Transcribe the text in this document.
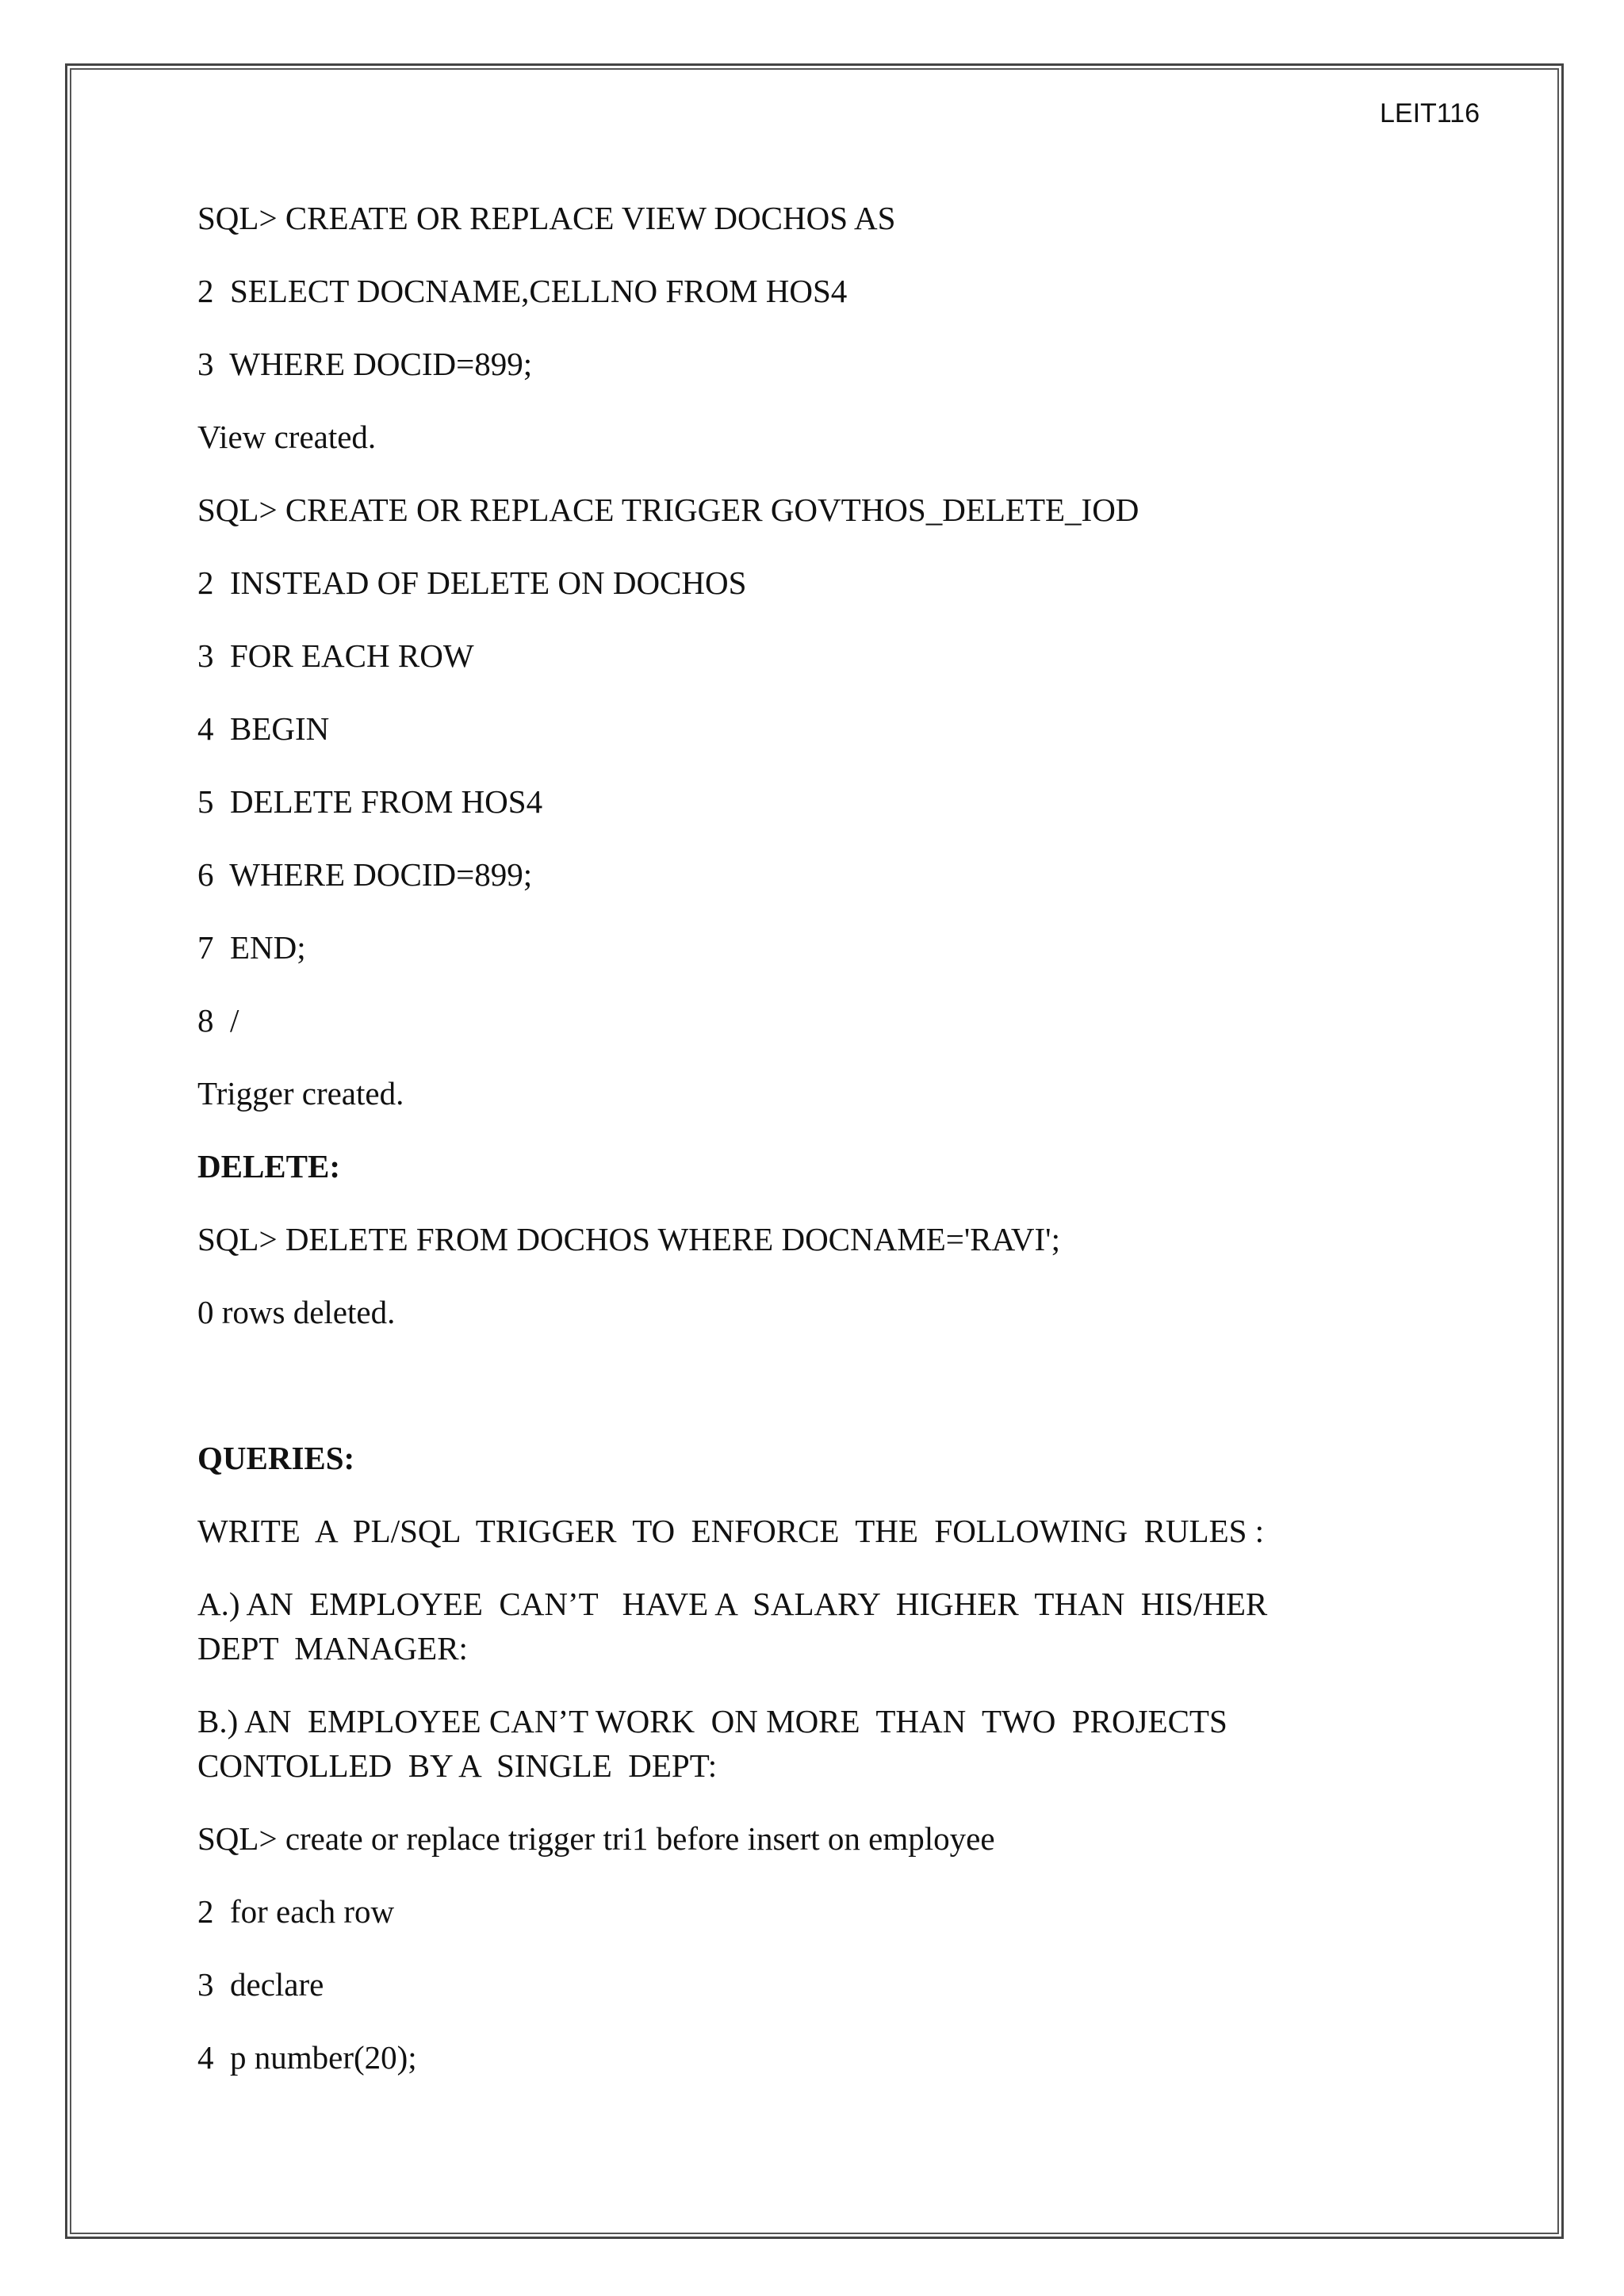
LEIT116
SQL> CREATE OR REPLACE VIEW DOCHOS AS
2  SELECT DOCNAME,CELLNO FROM HOS4
3  WHERE DOCID=899;
View created.
SQL> CREATE OR REPLACE TRIGGER GOVTHOS_DELETE_IOD
2  INSTEAD OF DELETE ON DOCHOS
3  FOR EACH ROW
4  BEGIN
5  DELETE FROM HOS4
6  WHERE DOCID=899;
7  END;
8  /
Trigger created.
DELETE:
SQL> DELETE FROM DOCHOS WHERE DOCNAME='RAVI';
0 rows deleted.
QUERIES:
WRITE  A  PL/SQL  TRIGGER  TO  ENFORCE  THE  FOLLOWING  RULES :
A.) AN  EMPLOYEE  CAN’T   HAVE A  SALARY  HIGHER  THAN  HIS/HER
DEPT  MANAGER:
B.) AN  EMPLOYEE CAN’T WORK  ON MORE  THAN  TWO  PROJECTS
CONTOLLED  BY A  SINGLE  DEPT:
SQL> create or replace trigger tri1 before insert on employee
2  for each row
3  declare
4  p number(20);
